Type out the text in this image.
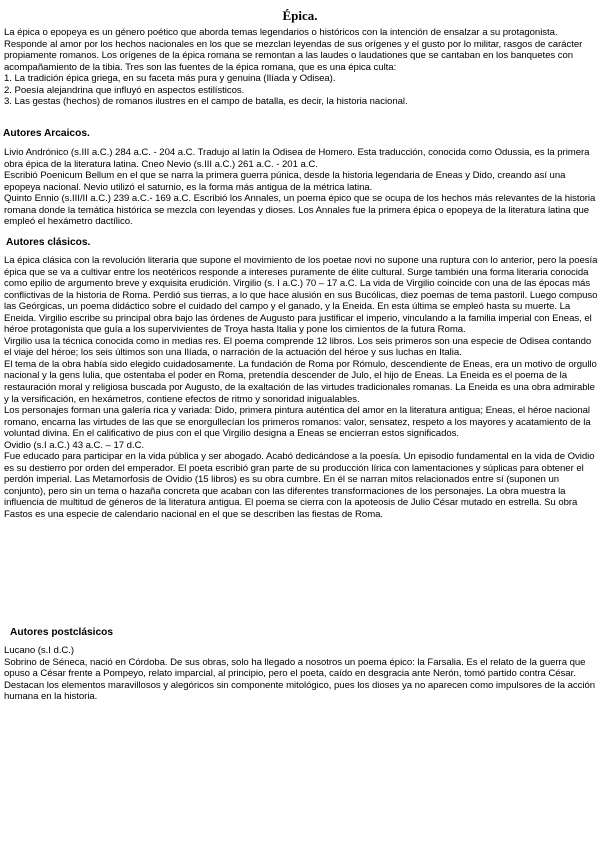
Épica.

La épica o epopeya es un género poético que aborda temas legendarios o históricos con la intención de ensalzar a su protagonista. Responde al amor por los hechos nacionales en los que se mezclan leyendas de sus orígenes y el gusto por lo militar, rasgos de carácter propiamente romanos. Los orígenes de la épica romana se remontan a las laudes o laudationes que se cantaban en los banquetes con acompañamiento de la tibia. Tres son las fuentes de la épica romana, que es una épica culta:

1. La tradición épica griega, en su faceta más pura y genuina (Ilíada y Odisea).

2. Poesía alejandrina que influyó en aspectos estilísticos.

3. Las gestas (hechos) de romanos ilustres en el campo de batalla, es decir, la historia nacional.

Autores Arcaicos.

Livio Andrónico (s.III a.C.) 284 a.C. - 204 a.C. Tradujo al latín la Odisea de Homero. Esta traducción, conocida como Odussia, es la primera obra épica de la literatura latina. Cneo Nevio (s.III a.C.) 261 a.C. - 201 a.C.

Escribió Poenicum Bellum en el que se narra la primera guerra púnica, desde la historia legendaria de Eneas y Dido, creando así una epopeya nacional. Nevio utilizó el saturnio, es la forma más antigua de la métrica latina.

Quinto Ennio (s.III/II a.C.) 239 a.C.- 169 a.C. Escribió los Annales, un poema épico que se ocupa de los hechos más relevantes de la historia romana donde la temática histórica se mezcla con leyendas y dioses. Los Annales fue la primera épica o epopeya de la literatura latina que empleó el hexámetro dactílico.

Autores clásicos.

La épica clásica con la revolución literaria que supone el movimiento de los poetae novi no supone una ruptura con lo anterior, pero la poesía épica que se va a cultivar entre los neotéricos responde a intereses puramente de élite cultural. Surge también una forma literaria conocida como epilio de argumento breve y exquisita erudición. Virgilio (s. I a.C.) 70 – 17 a.C. La vida de Virgilio coincide con una de las épocas más conflictivas de la historia de Roma. Perdió sus tierras, a lo que hace alusión en sus Bucólicas, diez poemas de tema pastoril. Luego compuso las Geórgicas, un poema didáctico sobre el cuidado del campo y el ganado, y la Eneida. En esta última se empleó hasta su muerte. La Eneida. Virgilio escribe su principal obra bajo las órdenes de Augusto para justificar el imperio, vinculando a la familia imperial con Eneas, el héroe protagonista que guía a los supervivientes de Troya hasta Italia y pone los cimientos de la futura Roma.

Virgilio usa la técnica conocida como in medias res. El poema comprende 12 libros. Los seis primeros son una especie de Odisea contando el viaje del héroe; los seis últimos son una Ilíada, o narración de la actuación del héroe y sus luchas en Italia.

El tema de la obra había sido elegido cuidadosamente. La fundación de Roma por Rómulo, descendiente de Eneas, era un motivo de orgullo nacional y la gens Iulia, que ostentaba el poder en Roma, pretendía descender de Julo, el hijo de Eneas. La Eneida es el poema de la restauración moral y religiosa buscada por Augusto, de la exaltación de las virtudes tradicionales romanas. La Eneida es una obra admirable y la versificación, en hexámetros, contiene efectos de ritmo y sonoridad inigualables.

Los personajes forman una galería rica y variada: Dido, primera pintura auténtica del amor en la literatura antigua; Eneas, el héroe nacional romano, encarna las virtudes de las que se enorgullecían los primeros romanos: valor, sensatez, respeto a los mayores y acatamiento de la voluntad divina. En el calificativo de pius con el que Virgilio designa a Eneas se encierran estos significados.

Ovidio (s.I a.C.) 43 a.C. – 17 d.C.

Fue educado para participar en la vida pública y ser abogado. Acabó dedicándose a la poesía. Un episodio fundamental en la vida de Ovidio es su destierro por orden del emperador. El poeta escribió gran parte de su producción lírica con lamentaciones y súplicas para obtener el perdón imperial. Las Metamorfosis de Ovidio (15 libros) es su obra cumbre. En él se narran mitos relacionados entre sí (suponen un conjunto), pero sin un tema o hazaña concreta que acaban con las diferentes transformaciones de los personajes. La obra muestra la influencia de multitud de géneros de la literatura antigua. El poema se cierra con la apoteosis de Julio César mutado en estrella. Su obra Fastos es una especie de calendario nacional en el que se describen las fiestas de Roma.

Autores postclásicos

Lucano (s.I d.C.)

Sobrino de Séneca, nació en Córdoba. De sus obras, solo ha llegado a nosotros un poema épico: la Farsalia. Es el relato de la guerra que opuso a César frente a Pompeyo, relato imparcial, al principio, pero el poeta, caído en desgracia ante Nerón, tomó partido contra César. Destacan los elementos maravillosos y alegóricos sin componente mitológico, pues los dioses ya no aparecen como impulsores de la acción humana en la historia.
